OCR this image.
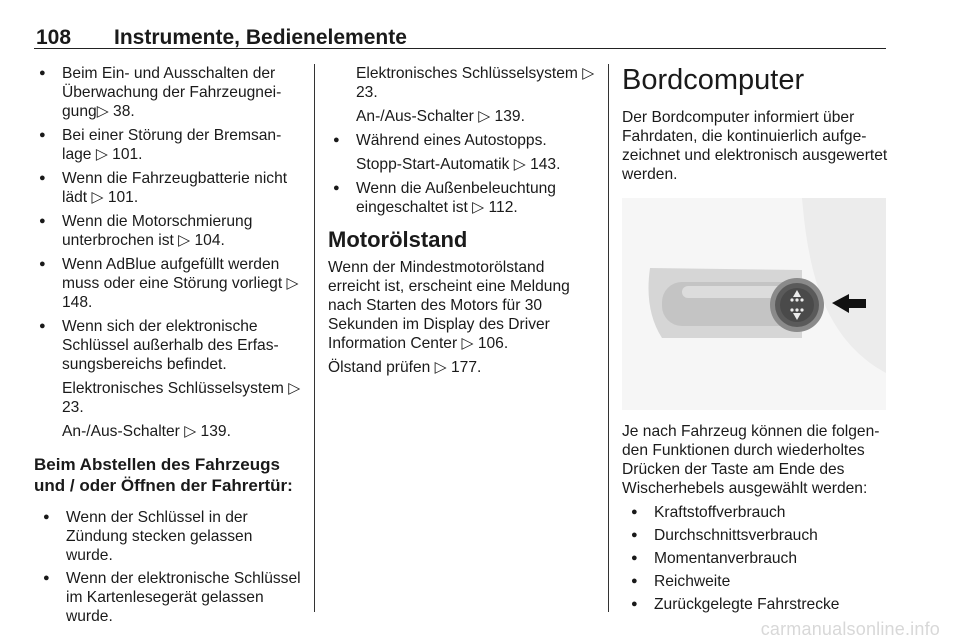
108 Instrumente, Bedienelemente
● Beim Ein- und Ausschalten der Überwachung der Fahrzeugneigung▷ 38.
● Bei einer Störung der Bremsanlage ▷ 101.
● Wenn die Fahrzeugbatterie nicht lädt ▷ 101.
● Wenn die Motorschmierung unterbrochen ist ▷ 104.
● Wenn AdBlue aufgefüllt werden muss oder eine Störung vorliegt ▷ 148.
● Wenn sich der elektronische Schlüssel außerhalb des Erfassungsbereichs befindet.
Elektronisches Schlüsselsystem ▷ 23.
An-/Aus-Schalter ▷ 139.
Beim Abstellen des Fahrzeugs und / oder Öffnen der Fahrertür:
● Wenn der Schlüssel in der Zündung stecken gelassen wurde.
● Wenn der elektronische Schlüssel im Kartenlesegerät gelassen wurde.
Elektronisches Schlüsselsystem ▷ 23.
An-/Aus-Schalter ▷ 139.
● Während eines Autostopps.
Stopp-Start-Automatik ▷ 143.
● Wenn die Außenbeleuchtung eingeschaltet ist ▷ 112.
Motorölstand
Wenn der Mindestmotorölstand erreicht ist, erscheint eine Meldung nach Starten des Motors für 30 Sekunden im Display des Driver Information Center ▷ 106.
Ölstand prüfen ▷ 177.
Bordcomputer
Der Bordcomputer informiert über Fahrdaten, die kontinuierlich aufgezeichnet und elektronisch ausgewertet werden.
Je nach Fahrzeug können die folgenden Funktionen durch wiederholtes Drücken der Taste am Ende des Wischerhebels ausgewählt werden:
● Kraftstoffverbrauch
● Durchschnittsverbrauch
● Momentanverbrauch
● Reichweite
● Zurückgelegte Fahrstrecke
carmanualsonline.info
